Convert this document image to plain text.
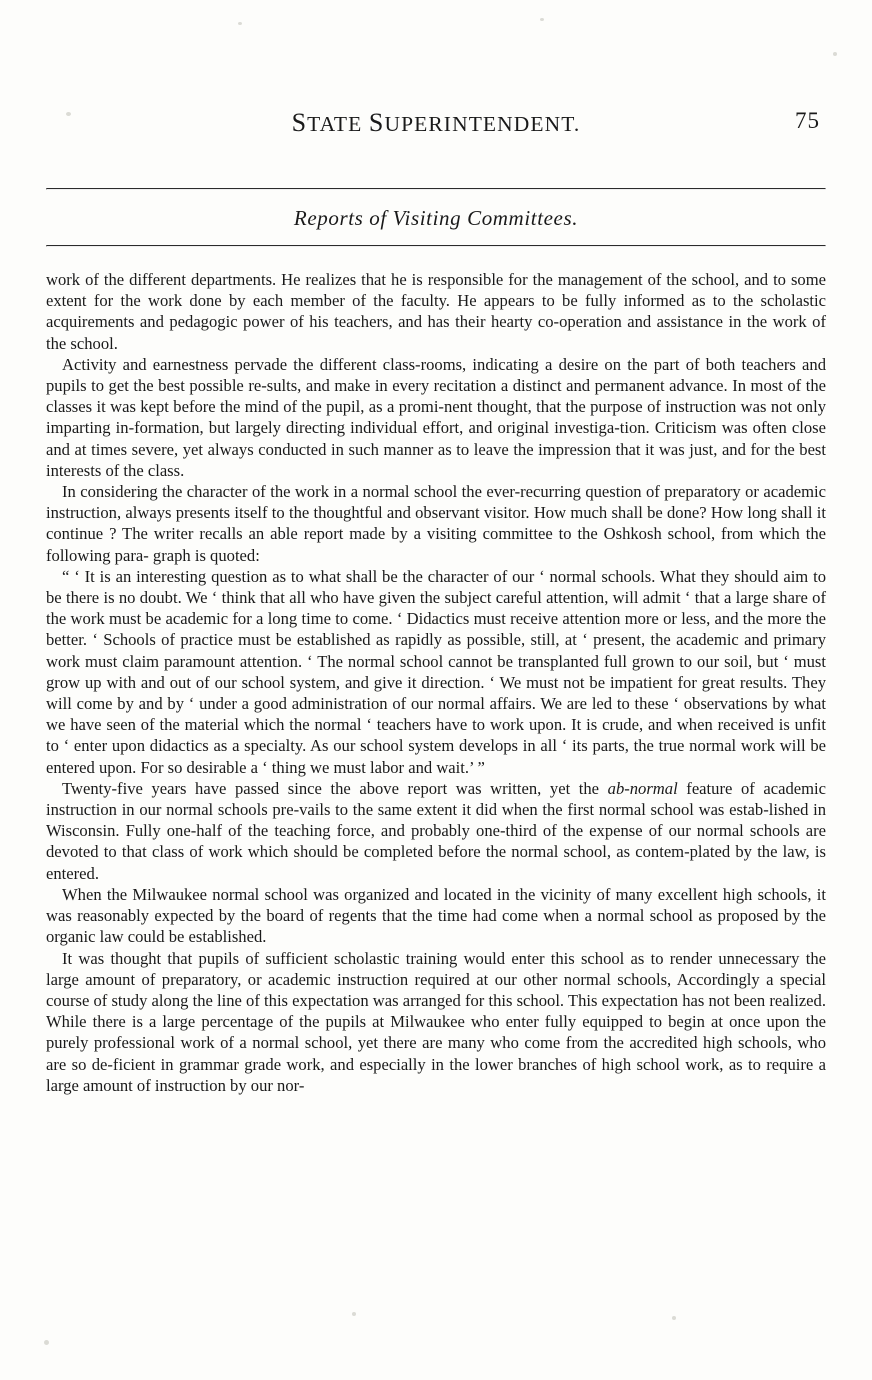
STATE SUPERINTENDENT.	75
Reports of Visiting Committees.

work of the different departments. He realizes that he is responsible for the management of the school, and to some extent for the work done by each member of the faculty. He appears to be fully informed as to the scholastic acquirements and pedagogic power of his teachers, and has their hearty co-operation and assistance in the work of the school.

Activity and earnestness pervade the different class-rooms, indicating a desire on the part of both teachers and pupils to get the best possible re-sults, and make in every recitation a distinct and permanent advance. In most of the classes it was kept before the mind of the pupil, as a promi-nent thought, that the purpose of instruction was not only imparting in-formation, but largely directing individual effort, and original investiga-tion. Criticism was often close and at times severe, yet always conducted in such manner as to leave the impression that it was just, and for the best interests of the class.

In considering the character of the work in a normal school the ever-recurring question of preparatory or academic instruction, always presents itself to the thoughtful and observant visitor. How much shall be done? How long shall it continue ? The writer recalls an able report made by a visiting committee to the Oshkosh school, from which the following para- graph is quoted:

“ ‘ It is an interesting question as to what shall be the character of our ‘ normal schools. What they should aim to be there is no doubt. We ‘ think that all who have given the subject careful attention, will admit ‘ that a large share of the work must be academic for a long time to come. ‘ Didactics must receive attention more or less, and the more the better. ‘ Schools of practice must be established as rapidly as possible, still, at ‘ present, the academic and primary work must claim paramount attention. ‘ The normal school cannot be transplanted full grown to our soil, but ‘ must grow up with and out of our school system, and give it direction. ‘ We must not be impatient for great results. They will come by and by ‘ under a good administration of our normal affairs. We are led to these ‘ observations by what we have seen of the material which the normal ‘ teachers have to work upon. It is crude, and when received is unfit to ‘ enter upon didactics as a specialty. As our school system develops in all ‘ its parts, the true normal work will be entered upon. For so desirable a ‘ thing we must labor and wait.’ ”

Twenty-five years have passed since the above report was written, yet the ab-normal feature of academic instruction in our normal schools pre-vails to the same extent it did when the first normal school was estab-lished in Wisconsin. Fully one-half of the teaching force, and probably one-third of the expense of our normal schools are devoted to that class of work which should be completed before the normal school, as contem-plated by the law, is entered.

When the Milwaukee normal school was organized and located in the vicinity of many excellent high schools, it was reasonably expected by the board of regents that the time had come when a normal school as proposed by the organic law could be established.

It was thought that pupils of sufficient scholastic training would enter this school as to render unnecessary the large amount of preparatory, or academic instruction required at our other normal schools, Accordingly a special course of study along the line of this expectation was arranged for this school. This expectation has not been realized. While there is a large percentage of the pupils at Milwaukee who enter fully equipped to begin at once upon the purely professional work of a normal school, yet there are many who come from the accredited high schools, who are so de-ficient in grammar grade work, and especially in the lower branches of high school work, as to require a large amount of instruction by our nor-
